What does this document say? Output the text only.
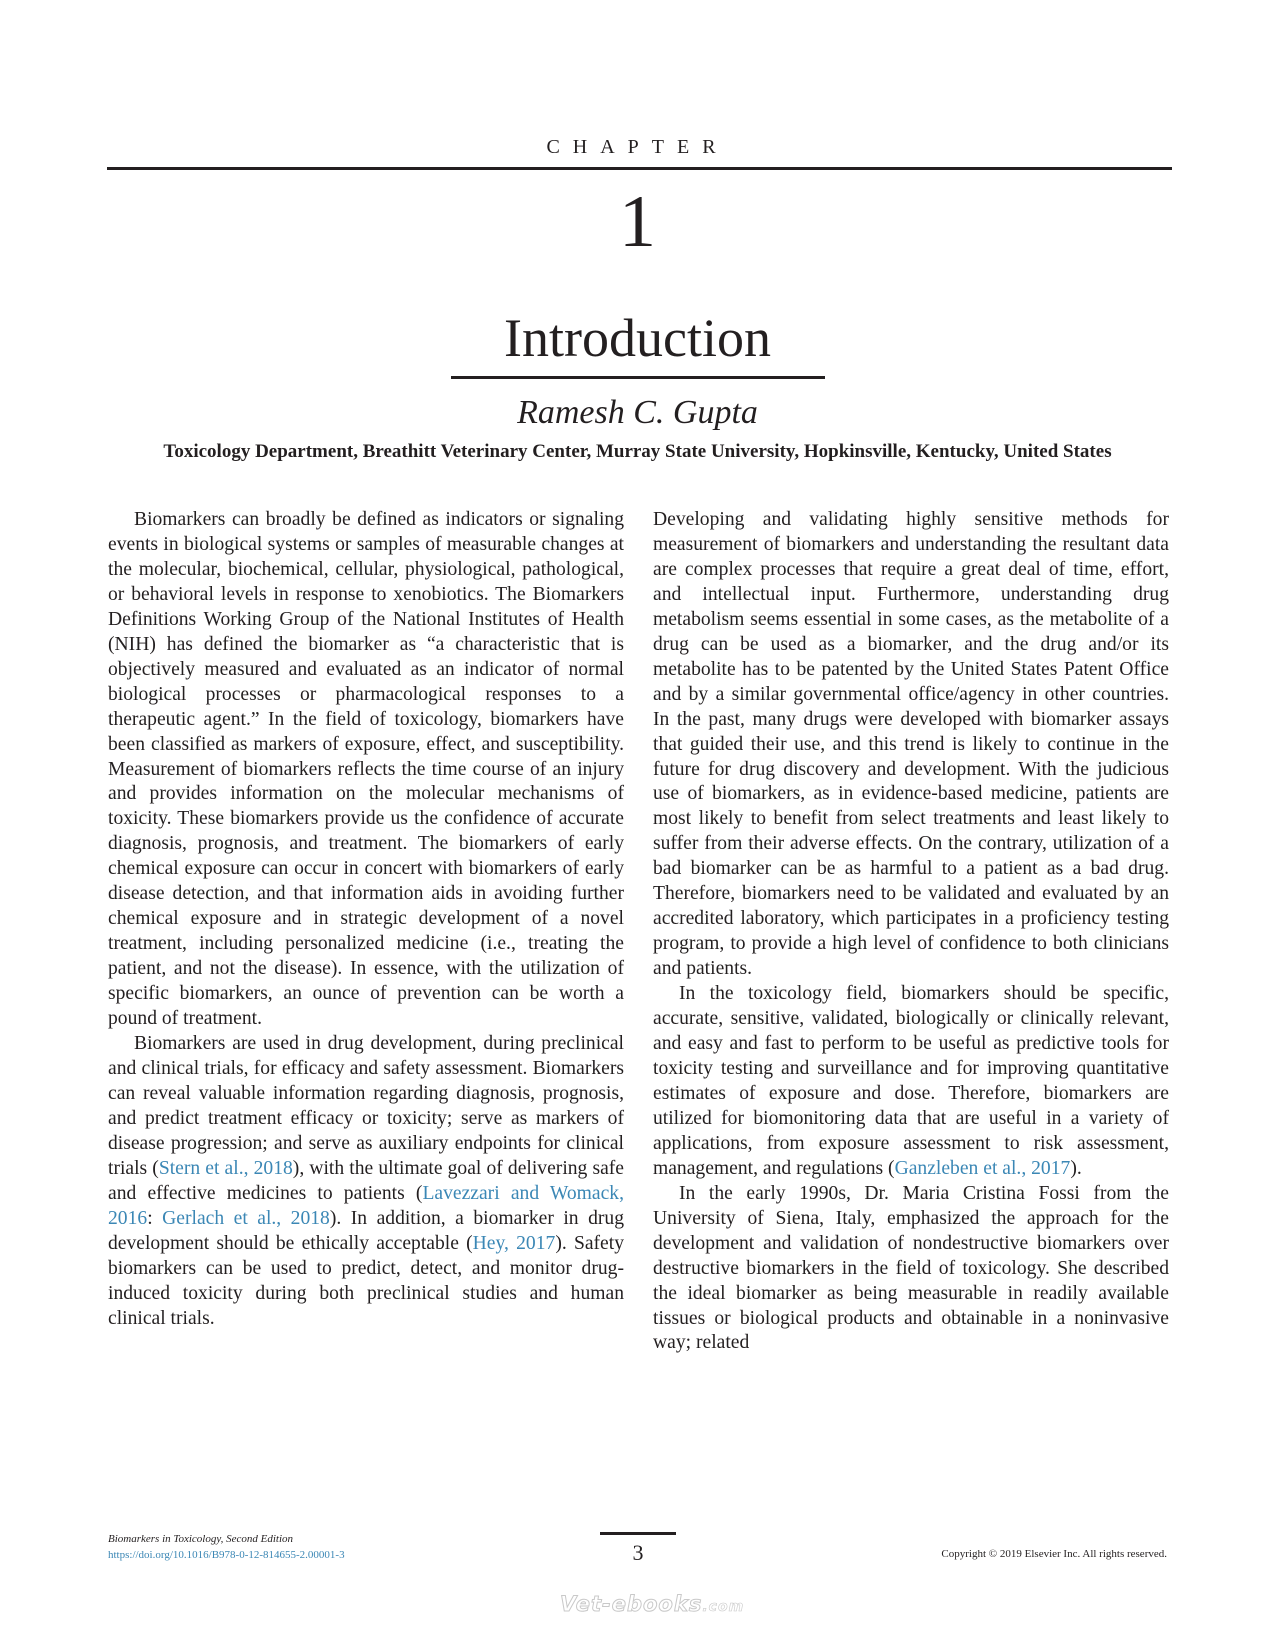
CHAPTER
1
Introduction
Ramesh C. Gupta
Toxicology Department, Breathitt Veterinary Center, Murray State University, Hopkinsville, Kentucky, United States

Biomarkers can broadly be defined as indicators or signaling events in biological systems or samples of measurable changes at the molecular, biochemical, cellular, physiological, pathological, or behavioral levels in response to xenobiotics. The Biomarkers Definitions Working Group of the National Institutes of Health (NIH) has defined the biomarker as “a characteristic that is objectively measured and evaluated as an indicator of normal biological processes or pharmacological responses to a therapeutic agent.” In the field of toxicology, biomarkers have been classified as markers of exposure, effect, and susceptibility. Measurement of biomarkers reflects the time course of an injury and provides information on the molecular mechanisms of toxicity. These biomarkers provide us the confidence of accurate diagnosis, prognosis, and treatment. The biomarkers of early chemical exposure can occur in concert with biomarkers of early disease detection, and that information aids in avoiding further chemical exposure and in strategic development of a novel treatment, including personalized medicine (i.e., treating the patient, and not the disease). In essence, with the utilization of specific biomarkers, an ounce of prevention can be worth a pound of treatment.

Biomarkers are used in drug development, during preclinical and clinical trials, for efficacy and safety assessment. Biomarkers can reveal valuable information regarding diagnosis, prognosis, and predict treatment efficacy or toxicity; serve as markers of disease progression; and serve as auxiliary endpoints for clinical trials (Stern et al., 2018), with the ultimate goal of delivering safe and effective medicines to patients (Lavezzari and Womack, 2016: Gerlach et al., 2018). In addition, a biomarker in drug development should be ethically acceptable (Hey, 2017). Safety biomarkers can be used to predict, detect, and monitor drug-induced toxicity during both preclinical studies and human clinical trials.

Developing and validating highly sensitive methods for measurement of biomarkers and understanding the resultant data are complex processes that require a great deal of time, effort, and intellectual input. Furthermore, understanding drug metabolism seems essential in some cases, as the metabolite of a drug can be used as a biomarker, and the drug and/or its metabolite has to be patented by the United States Patent Office and by a similar governmental office/agency in other countries. In the past, many drugs were developed with biomarker assays that guided their use, and this trend is likely to continue in the future for drug discovery and development. With the judicious use of biomarkers, as in evidence-based medicine, patients are most likely to benefit from select treatments and least likely to suffer from their adverse effects. On the contrary, utilization of a bad biomarker can be as harmful to a patient as a bad drug. Therefore, biomarkers need to be validated and evaluated by an accredited laboratory, which participates in a proficiency testing program, to provide a high level of confidence to both clinicians and patients.

In the toxicology field, biomarkers should be specific, accurate, sensitive, validated, biologically or clinically relevant, and easy and fast to perform to be useful as predictive tools for toxicity testing and surveillance and for improving quantitative estimates of exposure and dose. Therefore, biomarkers are utilized for biomonitoring data that are useful in a variety of applications, from exposure assessment to risk assessment, management, and regulations (Ganzleben et al., 2017).

In the early 1990s, Dr. Maria Cristina Fossi from the University of Siena, Italy, emphasized the approach for the development and validation of nondestructive biomarkers over destructive biomarkers in the field of toxicology. She described the ideal biomarker as being measurable in readily available tissues or biological products and obtainable in a noninvasive way; related

Biomarkers in Toxicology, Second Edition
https://doi.org/10.1016/B978-0-12-814655-2.00001-3	3	Copyright © 2019 Elsevier Inc. All rights reserved.
Vet-ebooks.com
